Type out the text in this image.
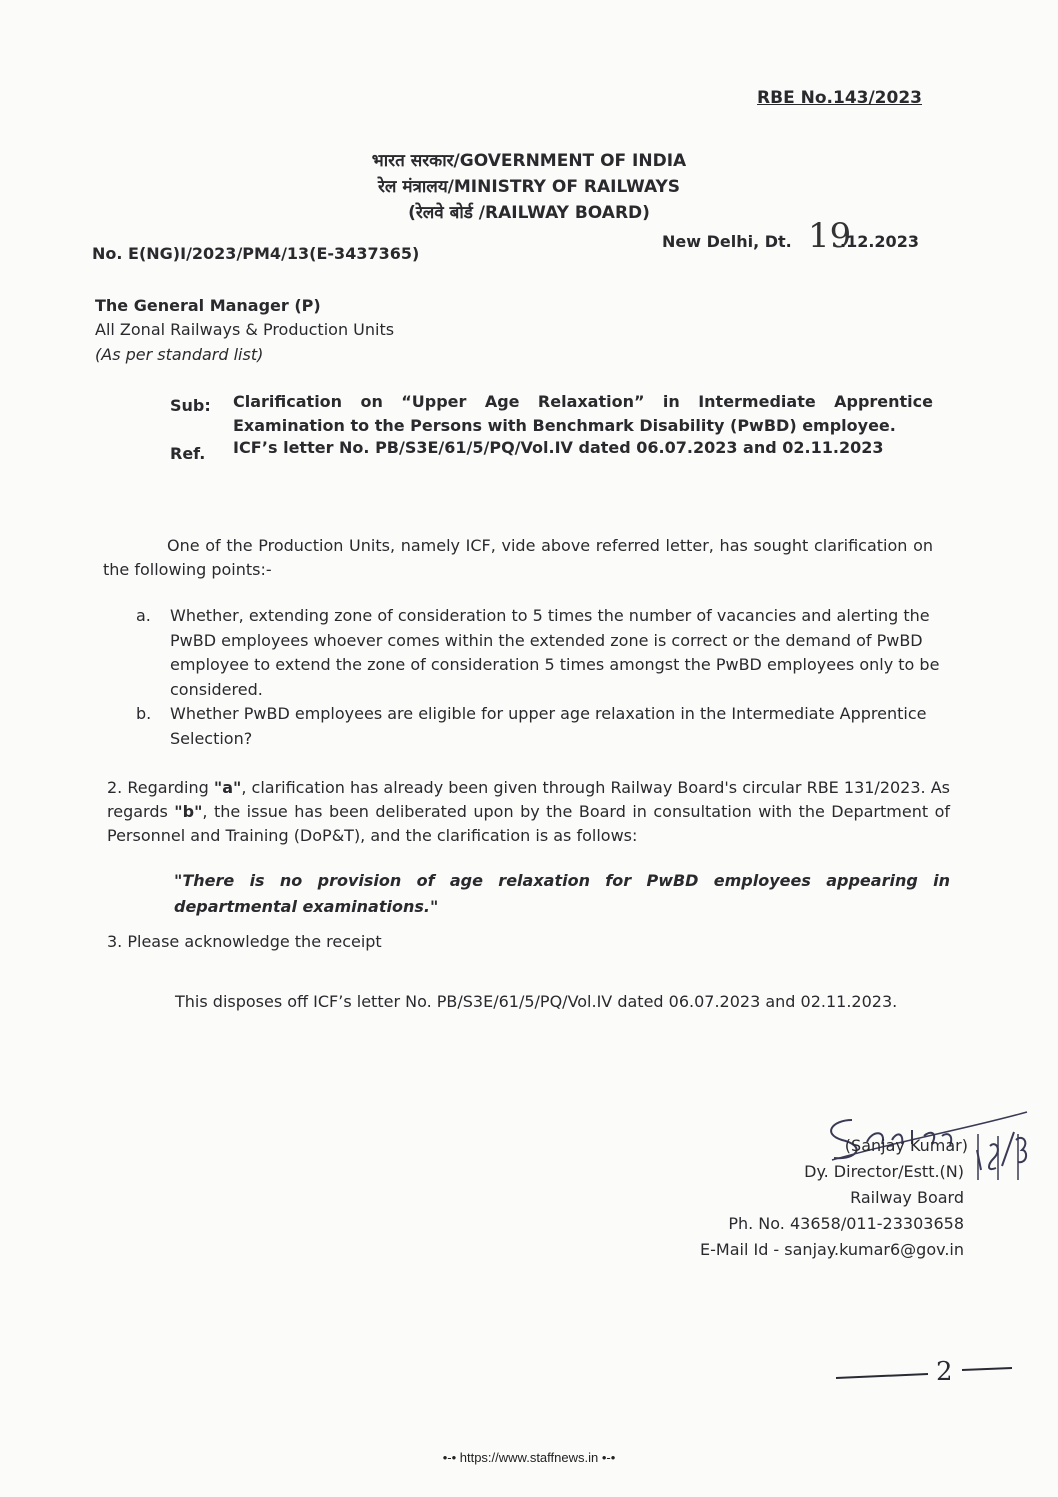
RBE No.143/2023
भारत सरकार/GOVERNMENT OF INDIA
रेल मंत्रालय/MINISTRY OF RAILWAYS
(रेलवे बोर्ड /RAILWAY BOARD)
No. E(NG)I/2023/PM4/13(E-3437365)
New Delhi, Dt. 19
.12.2023
The General Manager (P)
All Zonal Railways & Production Units
(As per standard list)
Sub: Clarification on “Upper Age Relaxation” in Intermediate Apprentice Examination to the Persons with Benchmark Disability (PwBD) employee.
Ref. ICF’s letter No. PB/S3E/61/5/PQ/Vol.IV dated 06.07.2023 and 02.11.2023
One of the Production Units, namely ICF, vide above referred letter, has sought clarification on the following points:-
a. Whether, extending zone of consideration to 5 times the number of vacancies and alerting the PwBD employees whoever comes within the extended zone is correct or the demand of PwBD employee to extend the zone of consideration 5 times amongst the PwBD employees only to be considered.
b. Whether PwBD employees are eligible for upper age relaxation in the Intermediate Apprentice Selection?
2. Regarding "a", clarification has already been given through Railway Board's circular RBE 131/2023. As regards "b", the issue has been deliberated upon by the Board in consultation with the Department of Personnel and Training (DoP&T), and the clarification is as follows:
"There is no provision of age relaxation for PwBD employees appearing in departmental examinations."
3. Please acknowledge the receipt
This disposes off ICF’s letter No. PB/S3E/61/5/PQ/Vol.IV dated 06.07.2023 and 02.11.2023.
(Sanjay Kumar)
Dy. Director/Estt.(N)
Railway Board
Ph. No. 43658/011-23303658
E-Mail Id - sanjay.kumar6@gov.in
2
•-• https://www.staffnews.in •-•
